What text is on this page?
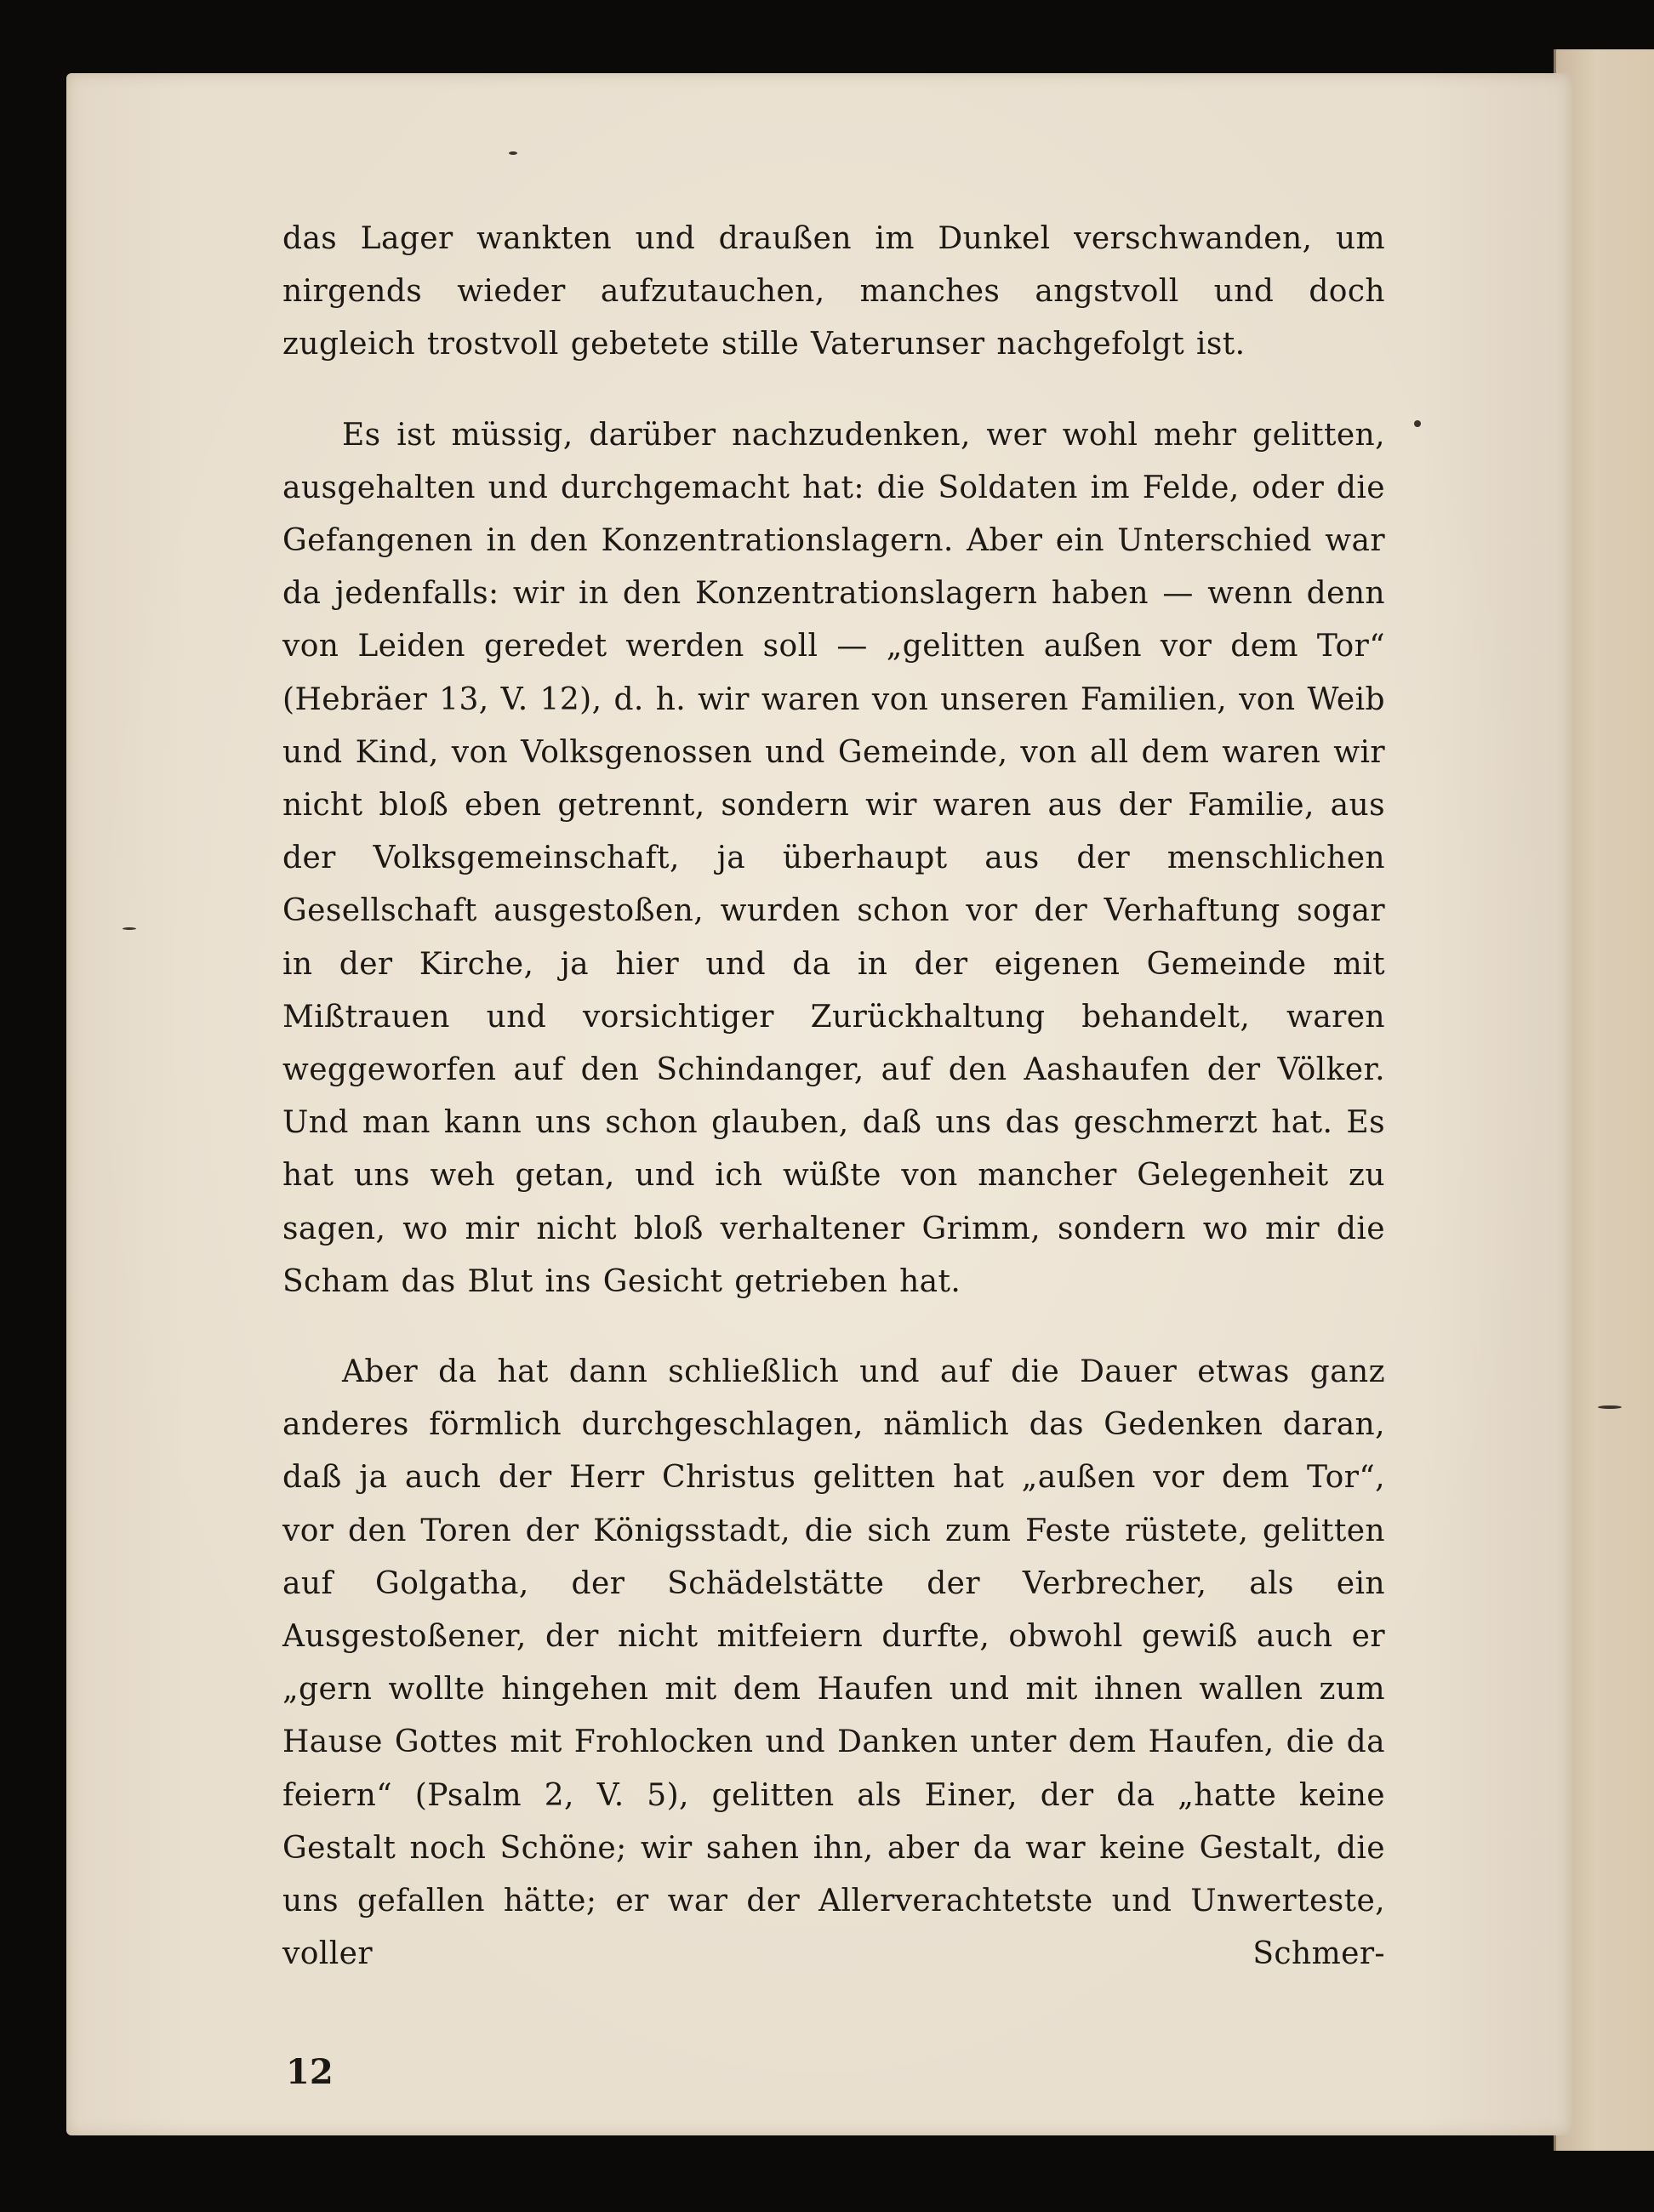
das Lager wankten und draußen im Dunkel verschwanden, um nirgends wieder aufzutauchen, manches angstvoll und doch zugleich trostvoll gebetete stille Vaterunser nachgefolgt ist.

Es ist müssig, darüber nachzudenken, wer wohl mehr gelitten, ausgehalten und durchgemacht hat: die Soldaten im Felde, oder die Gefangenen in den Konzentrationslagern. Aber ein Unterschied war da jedenfalls: wir in den Konzentrationslagern haben — wenn denn von Leiden geredet werden soll — „gelitten außen vor dem Tor“ (Hebräer 13, V. 12), d. h. wir waren von unseren Familien, von Weib und Kind, von Volksgenossen und Gemeinde, von all dem waren wir nicht bloß eben getrennt, sondern wir waren aus der Familie, aus der Volksgemeinschaft, ja überhaupt aus der menschlichen Gesellschaft ausgestoßen, wurden schon vor der Verhaftung sogar in der Kirche, ja hier und da in der eigenen Gemeinde mit Mißtrauen und vorsichtiger Zurückhaltung behandelt, waren weggeworfen auf den Schindanger, auf den Aashaufen der Völker. Und man kann uns schon glauben, daß uns das geschmerzt hat. Es hat uns weh getan, und ich wüßte von mancher Gelegenheit zu sagen, wo mir nicht bloß verhaltener Grimm, sondern wo mir die Scham das Blut ins Gesicht getrieben hat.

Aber da hat dann schließlich und auf die Dauer etwas ganz anderes förmlich durchgeschlagen, nämlich das Gedenken daran, daß ja auch der Herr Christus gelitten hat „außen vor dem Tor“, vor den Toren der Königsstadt, die sich zum Feste rüstete, gelitten auf Golgatha, der Schädelstätte der Verbrecher, als ein Ausgestoßener, der nicht mitfeiern durfte, obwohl gewiß auch er „gern wollte hingehen mit dem Haufen und mit ihnen wallen zum Hause Gottes mit Frohlocken und Danken unter dem Haufen, die da feiern“ (Psalm 2, V. 5), gelitten als Einer, der da „hatte keine Gestalt noch Schöne; wir sahen ihn, aber da war keine Gestalt, die uns gefallen hätte; er war der Allerverachtetste und Unwerteste, voller Schmer-

12
